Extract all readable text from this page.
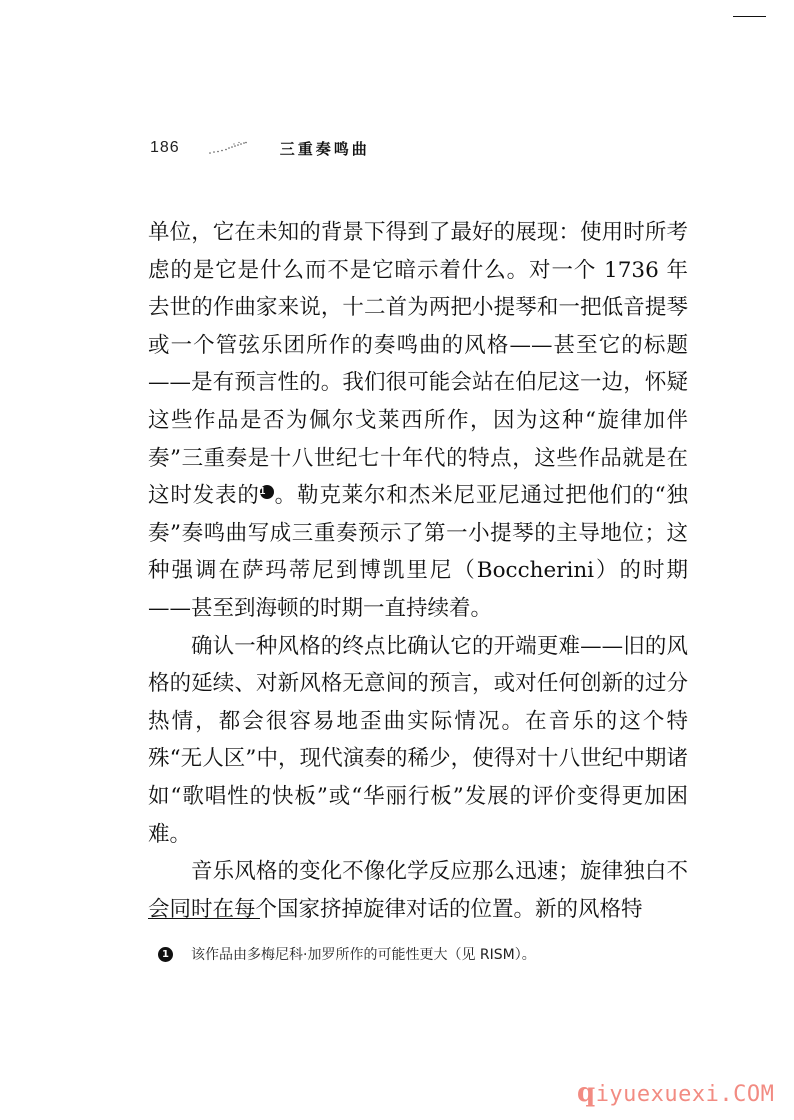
186	三重奏鸣曲

单位，它在未知的背景下得到了最好的展现：使用时所考虑的是它是什么而不是它暗示着什么。对一个 1736 年去世的作曲家来说，十二首为两把小提琴和一把低音提琴或一个管弦乐团所作的奏鸣曲的风格——甚至它的标题——是有预言性的。我们很可能会站在伯尼这一边，怀疑这些作品是否为佩尔戈莱西所作，因为这种“旋律加伴奏”三重奏是十八世纪七十年代的特点，这些作品就是在这时发表的1 。勒克莱尔和杰米尼亚尼通过把他们的“独奏”奏鸣曲写成三重奏预示了第一小提琴的主导地位；这种强调在萨玛蒂尼到博凯里尼（Boccherini）的时期——甚至到海顿的时期一直持续着。

确认一种风格的终点比确认它的开端更难——旧的风格的延续、对新风格无意间的预言，或对任何创新的过分热情，都会很容易地歪曲实际情况。在音乐的这个特殊“无人区”中，现代演奏的稀少，使得对十八世纪中期诸如“歌唱性的快板”或“华丽行板”发展的评价变得更加困难。

音乐风格的变化不像化学反应那么迅速；旋律独白不会同时在每个国家挤掉旋律对话的位置。新的风格特

1 该作品由多梅尼科·加罗所作的可能性更大（见 RISM）。
qiyuexuexi.COM
